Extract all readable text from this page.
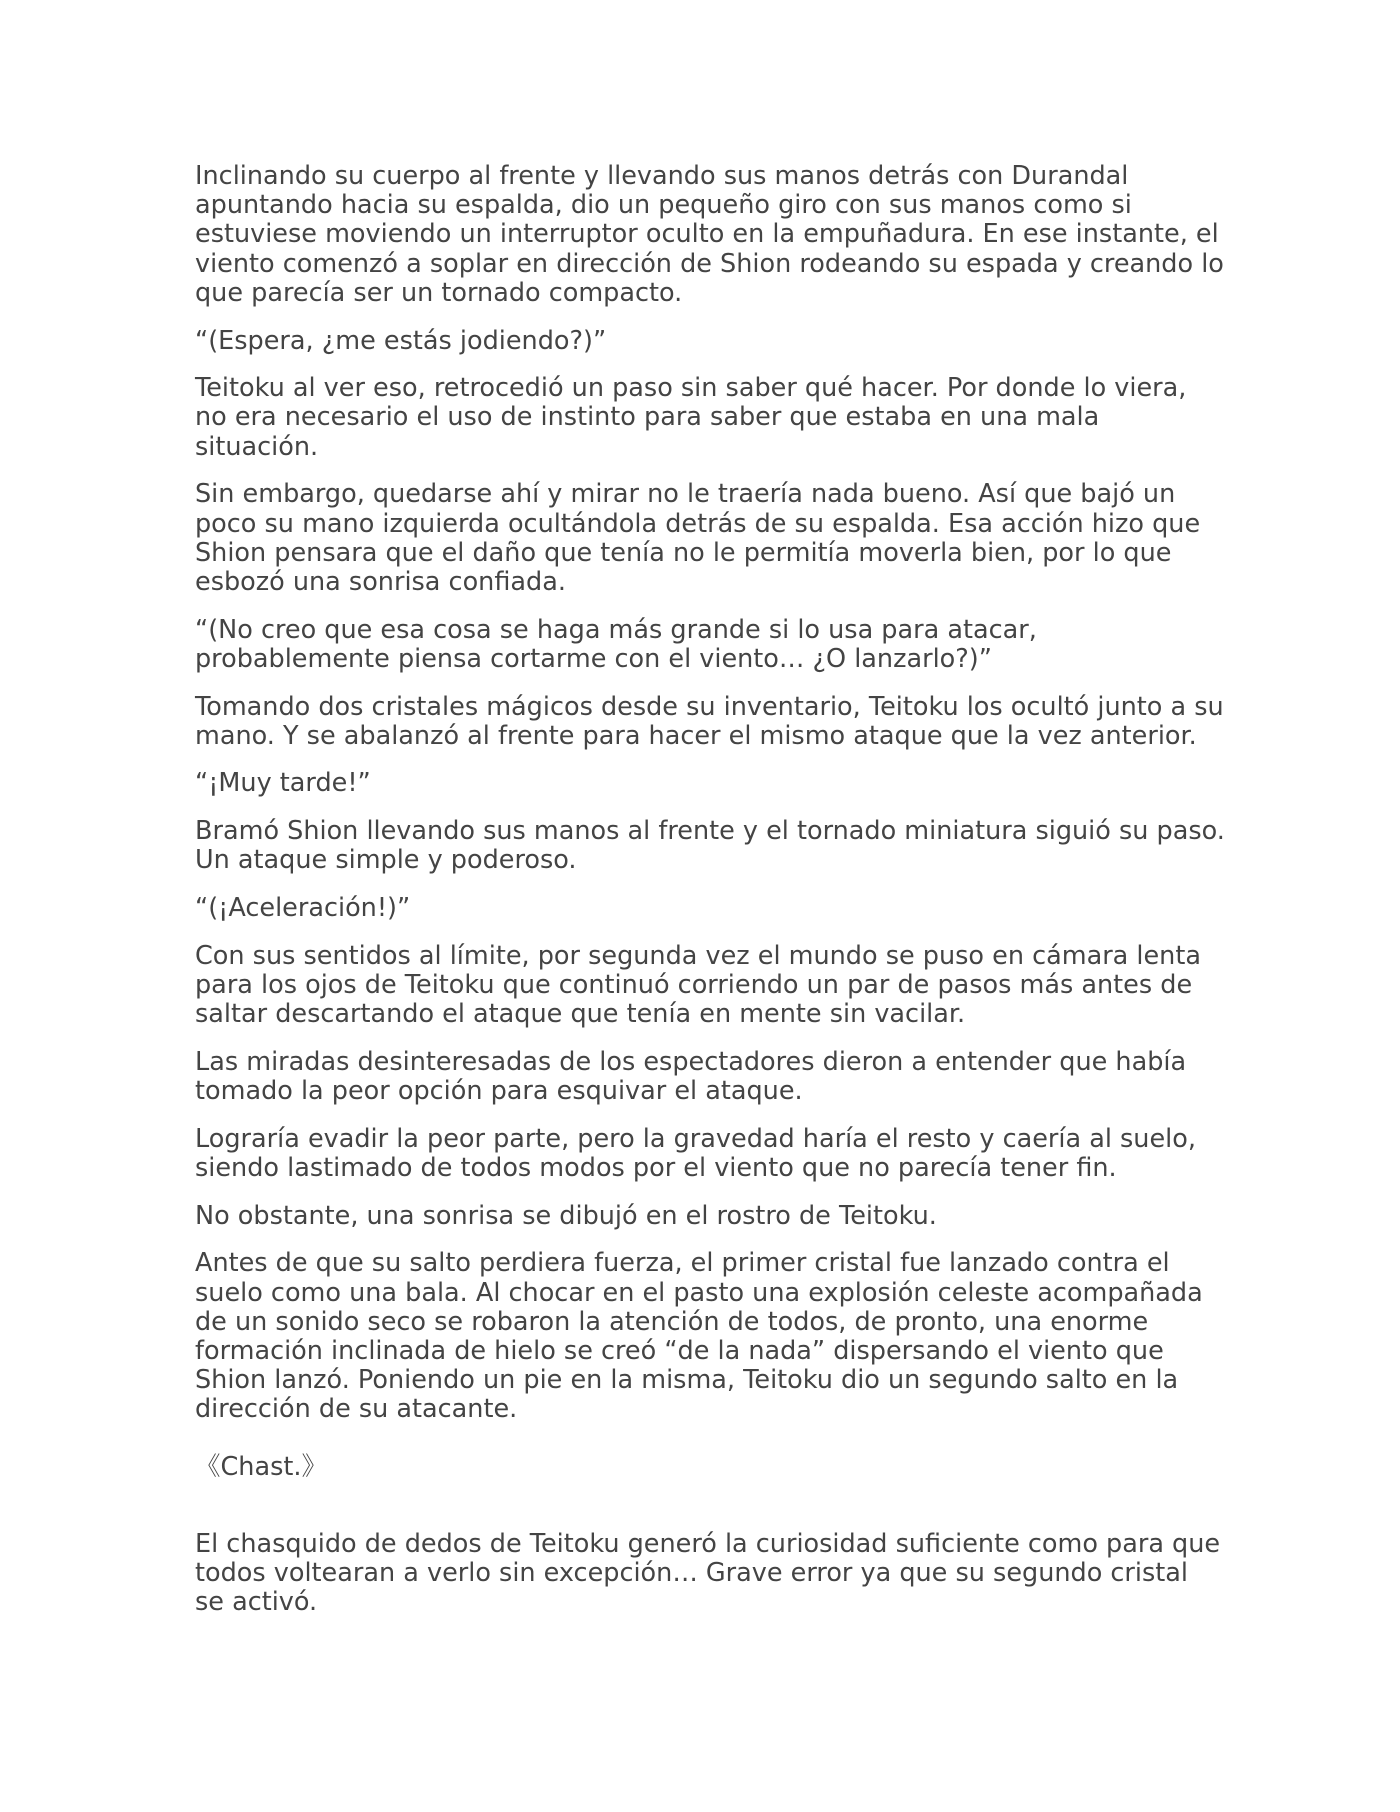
Inclinando su cuerpo al frente y llevando sus manos detrás con Durandal apuntando hacia su espalda, dio un pequeño giro con sus manos como si estuviese moviendo un interruptor oculto en la empuñadura. En ese instante, el viento comenzó a soplar en dirección de Shion rodeando su espada y creando lo que parecía ser un tornado compacto.

“(Espera, ¿me estás jodiendo?)”

Teitoku al ver eso, retrocedió un paso sin saber qué hacer. Por donde lo viera, no era necesario el uso de instinto para saber que estaba en una mala situación.

Sin embargo, quedarse ahí y mirar no le traería nada bueno. Así que bajó un poco su mano izquierda ocultándola detrás de su espalda. Esa acción hizo que Shion pensara que el daño que tenía no le permitía moverla bien, por lo que esbozó una sonrisa confiada.

“(No creo que esa cosa se haga más grande si lo usa para atacar, probablemente piensa cortarme con el viento… ¿O lanzarlo?)”

Tomando dos cristales mágicos desde su inventario, Teitoku los ocultó junto a su mano. Y se abalanzó al frente para hacer el mismo ataque que la vez anterior.

“¡Muy tarde!”

Bramó Shion llevando sus manos al frente y el tornado miniatura siguió su paso. Un ataque simple y poderoso.

“(¡Aceleración!)”

Con sus sentidos al límite, por segunda vez el mundo se puso en cámara lenta para los ojos de Teitoku que continuó corriendo un par de pasos más antes de saltar descartando el ataque que tenía en mente sin vacilar.

Las miradas desinteresadas de los espectadores dieron a entender que había tomado la peor opción para esquivar el ataque.

Lograría evadir la peor parte, pero la gravedad haría el resto y caería al suelo, siendo lastimado de todos modos por el viento que no parecía tener fin.

No obstante, una sonrisa se dibujó en el rostro de Teitoku.

Antes de que su salto perdiera fuerza, el primer cristal fue lanzado contra el suelo como una bala. Al chocar en el pasto una explosión celeste acompañada de un sonido seco se robaron la atención de todos, de pronto, una enorme formación inclinada de hielo se creó “de la nada” dispersando el viento que Shion lanzó. Poniendo un pie en la misma, Teitoku dio un segundo salto en la dirección de su atacante.

《Chast.》

El chasquido de dedos de Teitoku generó la curiosidad suficiente como para que todos voltearan a verlo sin excepción… Grave error ya que su segundo cristal se activó.
